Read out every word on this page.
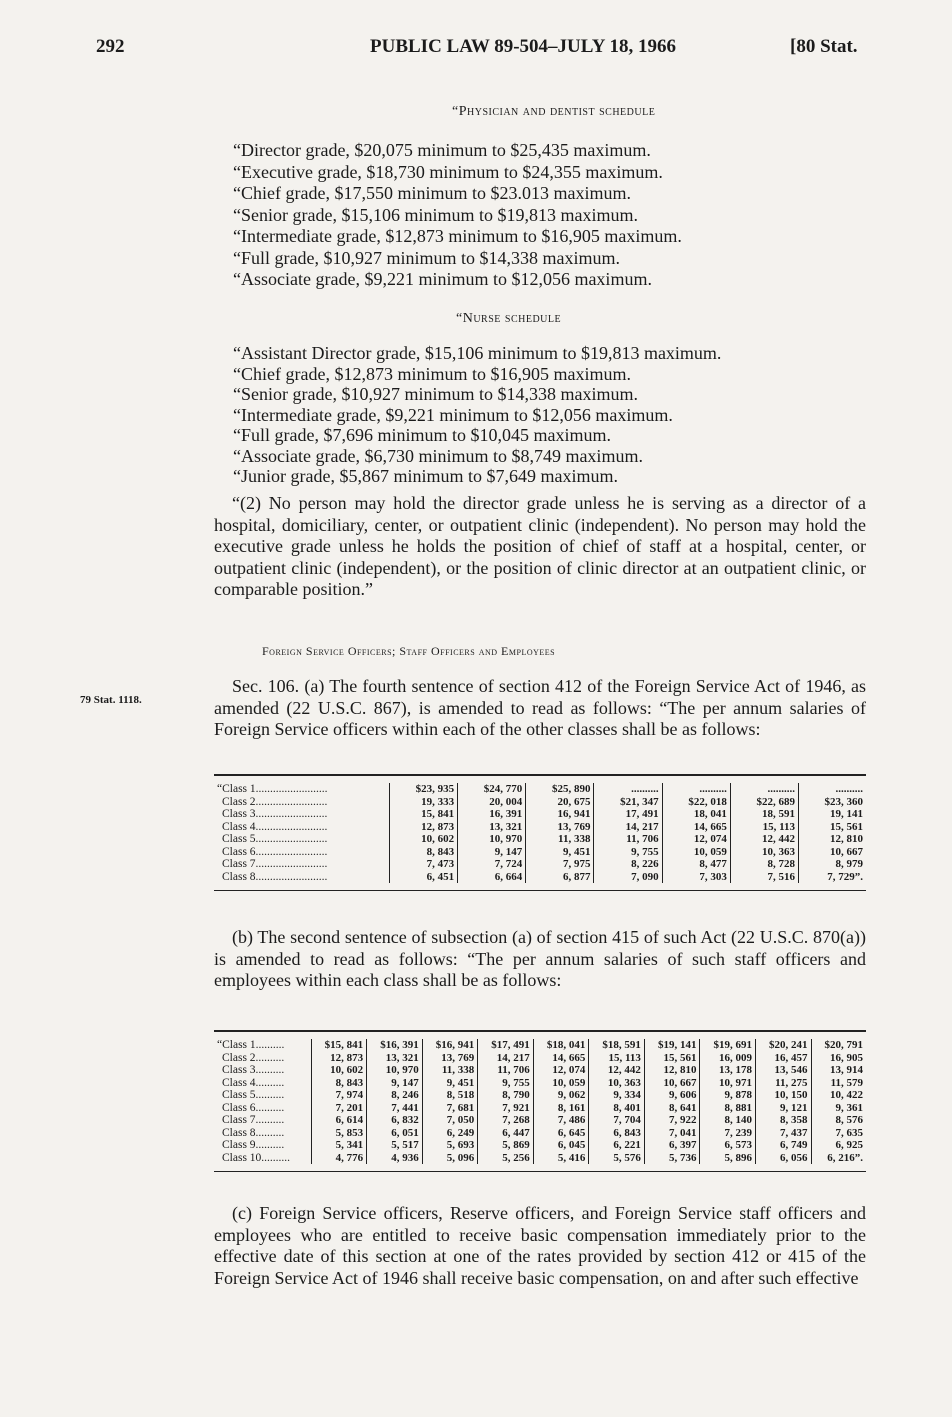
292	PUBLIC LAW 89-504–JULY 18, 1966	[80 Stat.
“Physician and dentist schedule
“Director grade, $20,075 minimum to $25,435 maximum.
“Executive grade, $18,730 minimum to $24,355 maximum.
“Chief grade, $17,550 minimum to $23.013 maximum.
“Senior grade, $15,106 minimum to $19,813 maximum.
“Intermediate grade, $12,873 minimum to $16,905 maximum.
“Full grade, $10,927 minimum to $14,338 maximum.
“Associate grade, $9,221 minimum to $12,056 maximum.
“Nurse schedule
“Assistant Director grade, $15,106 minimum to $19,813 maximum.
“Chief grade, $12,873 minimum to $16,905 maximum.
“Senior grade, $10,927 minimum to $14,338 maximum.
“Intermediate grade, $9,221 minimum to $12,056 maximum.
“Full grade, $7,696 minimum to $10,045 maximum.
“Associate grade, $6,730 minimum to $8,749 maximum.
“Junior grade, $5,867 minimum to $7,649 maximum.
“(2) No person may hold the director grade unless he is serving as a director of a hospital, domiciliary, center, or outpatient clinic (independent). No person may hold the executive grade unless he holds the position of chief of staff at a hospital, center, or outpatient clinic (independent), or the position of clinic director at an outpatient clinic, or comparable position.”
Foreign Service Officers; Staff Officers and Employees
79 Stat. 1118.
Sec. 106. (a) The fourth sentence of section 412 of the Foreign Service Act of 1946, as amended (22 U.S.C. 867), is amended to read as follows: “The per annum salaries of Foreign Service officers within each of the other classes shall be as follows:
“Class 1.........................	$23, 935	$24, 770	$25, 890	..........	..........	..........	..........
Class 2.........................	19, 333	20, 004	20, 675	$21, 347	$22, 018	$22, 689	$23, 360
Class 3.........................	15, 841	16, 391	16, 941	17, 491	18, 041	18, 591	19, 141
Class 4.........................	12, 873	13, 321	13, 769	14, 217	14, 665	15, 113	15, 561
Class 5.........................	10, 602	10, 970	11, 338	11, 706	12, 074	12, 442	12, 810
Class 6.........................	8, 843	9, 147	9, 451	9, 755	10, 059	10, 363	10, 667
Class 7.........................	7, 473	7, 724	7, 975	8, 226	8, 477	8, 728	8, 979
Class 8.........................	6, 451	6, 664	6, 877	7, 090	7, 303	7, 516	7, 729”.
(b) The second sentence of subsection (a) of section 415 of such Act (22 U.S.C. 870(a)) is amended to read as follows: “The per annum salaries of such staff officers and employees within each class shall be as follows:
“Class 1..........	$15, 841	$16, 391	$16, 941	$17, 491	$18, 041	$18, 591	$19, 141	$19, 691	$20, 241	$20, 791
Class 2..........	12, 873	13, 321	13, 769	14, 217	14, 665	15, 113	15, 561	16, 009	16, 457	16, 905
Class 3..........	10, 602	10, 970	11, 338	11, 706	12, 074	12, 442	12, 810	13, 178	13, 546	13, 914
Class 4..........	8, 843	9, 147	9, 451	9, 755	10, 059	10, 363	10, 667	10, 971	11, 275	11, 579
Class 5..........	7, 974	8, 246	8, 518	8, 790	9, 062	9, 334	9, 606	9, 878	10, 150	10, 422
Class 6..........	7, 201	7, 441	7, 681	7, 921	8, 161	8, 401	8, 641	8, 881	9, 121	9, 361
Class 7..........	6, 614	6, 832	7, 050	7, 268	7, 486	7, 704	7, 922	8, 140	8, 358	8, 576
Class 8..........	5, 853	6, 051	6, 249	6, 447	6, 645	6, 843	7, 041	7, 239	7, 437	7, 635
Class 9..........	5, 341	5, 517	5, 693	5, 869	6, 045	6, 221	6, 397	6, 573	6, 749	6, 925
Class 10..........	4, 776	4, 936	5, 096	5, 256	5, 416	5, 576	5, 736	5, 896	6, 056	6, 216”.
(c) Foreign Service officers, Reserve officers, and Foreign Service staff officers and employees who are entitled to receive basic compensation immediately prior to the effective date of this section at one of the rates provided by section 412 or 415 of the Foreign Service Act of 1946 shall receive basic compensation, on and after such effective
